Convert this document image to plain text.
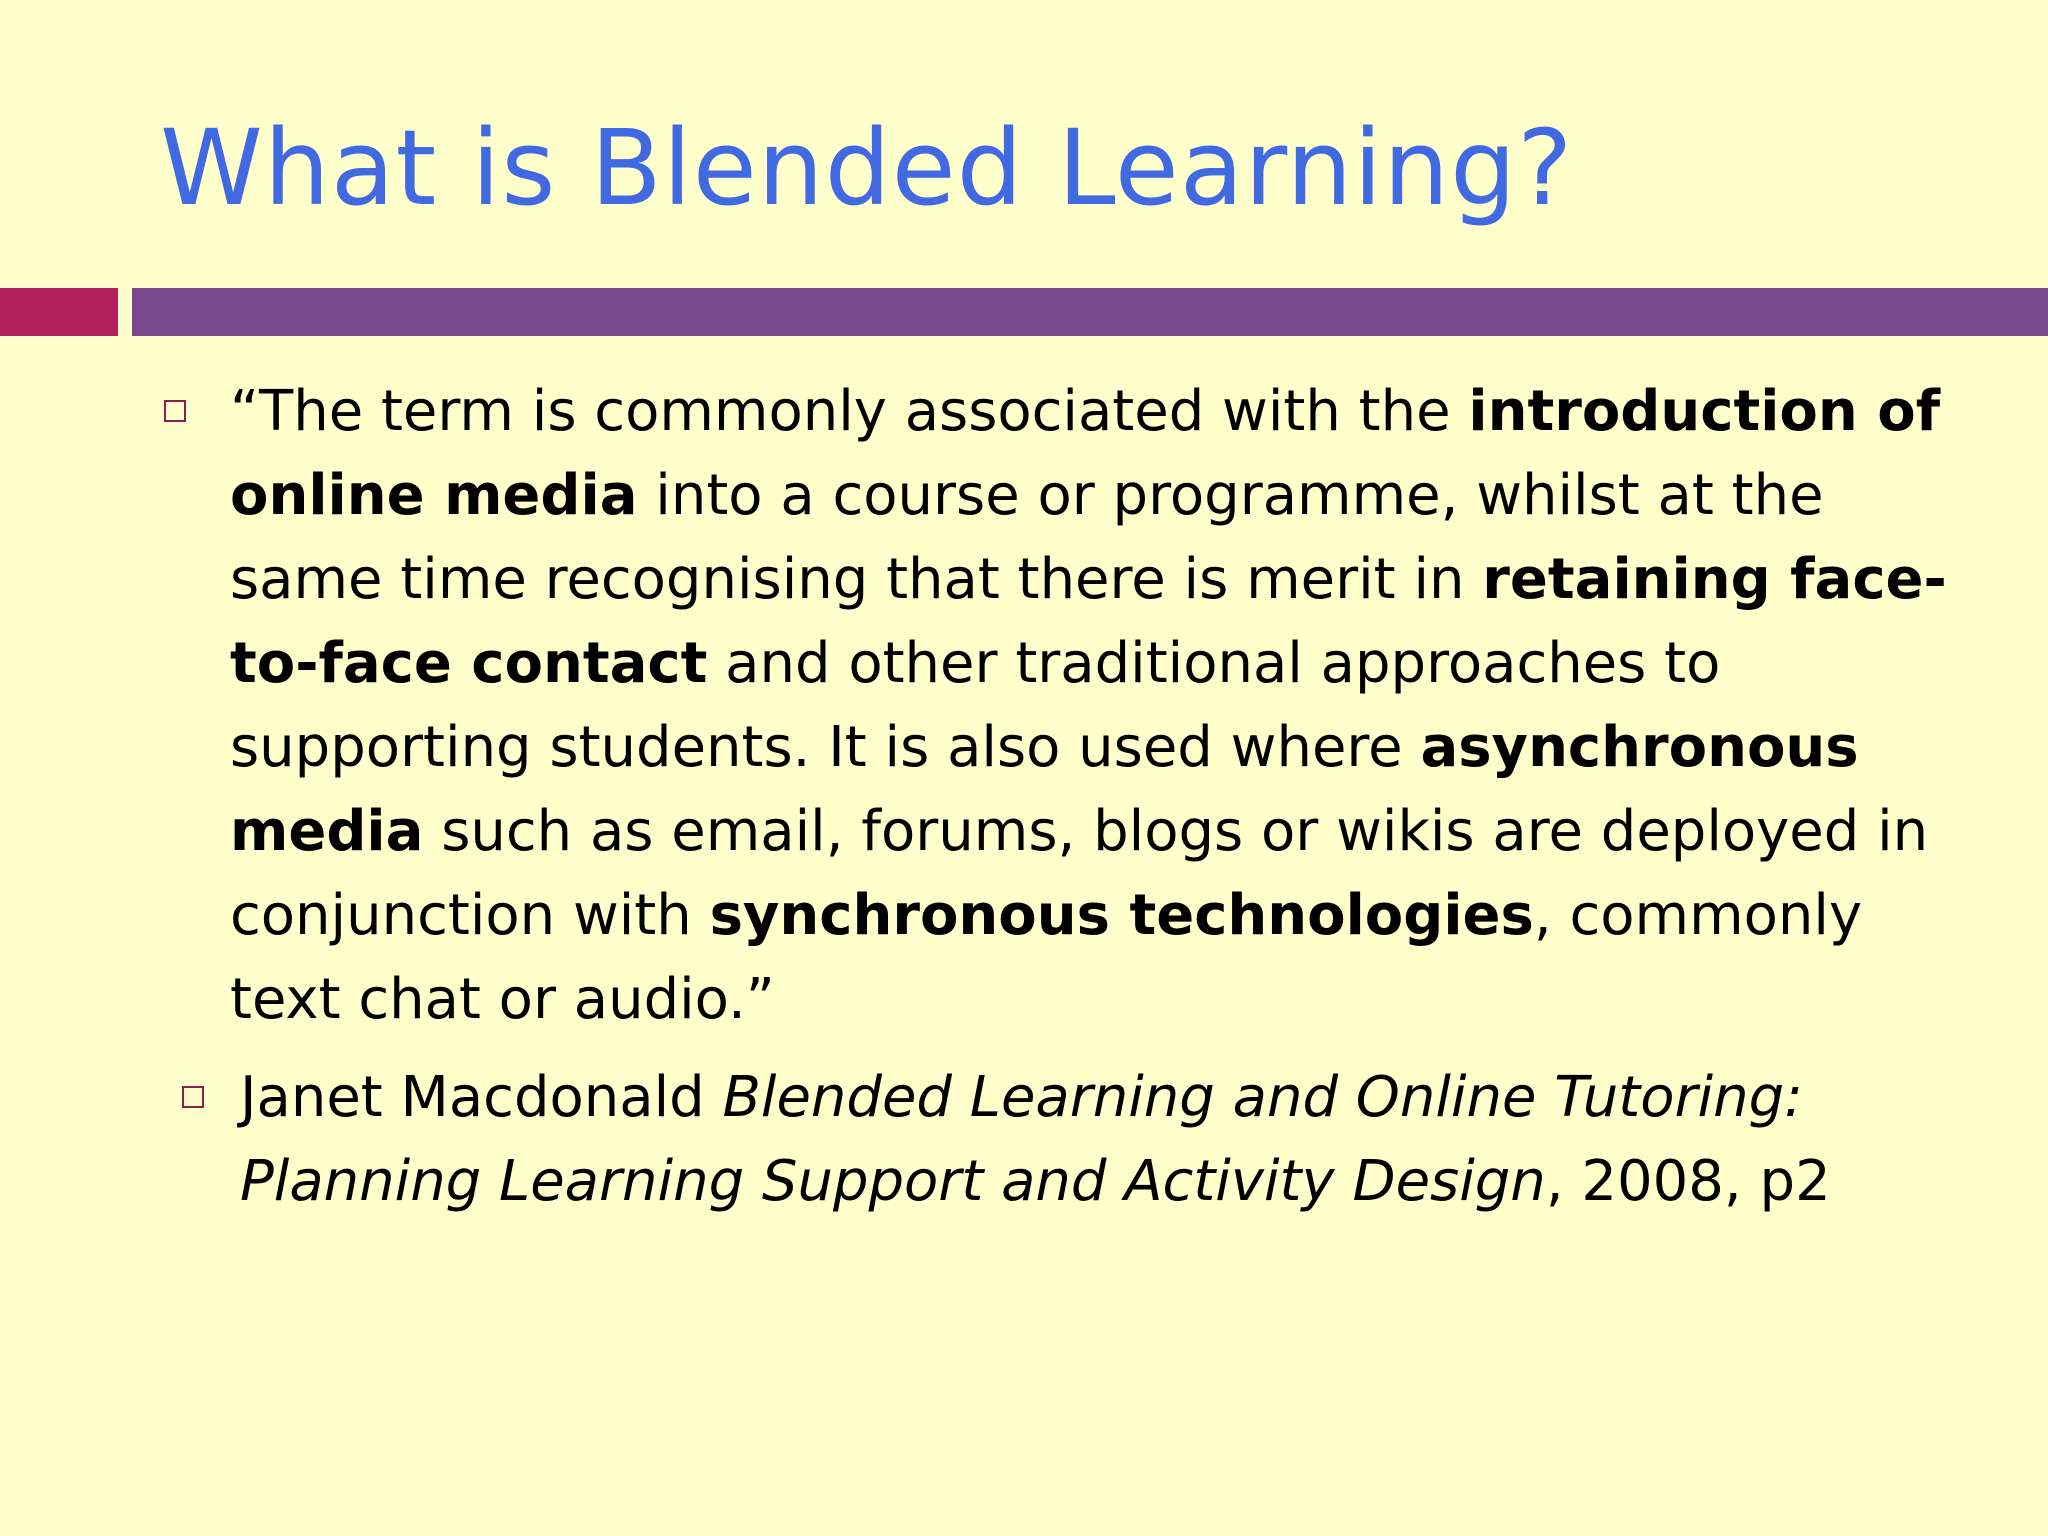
What is Blended Learning?
“The term is commonly associated with the introduction of online media into a course or programme, whilst at the same time recognising that there is merit in retaining face-to-face contact and other traditional approaches to supporting students. It is also used where asynchronous media such as email, forums, blogs or wikis are deployed in conjunction with synchronous technologies, commonly text chat or audio.”
Janet Macdonald Blended Learning and Online Tutoring: Planning Learning Support and Activity Design, 2008, p2
